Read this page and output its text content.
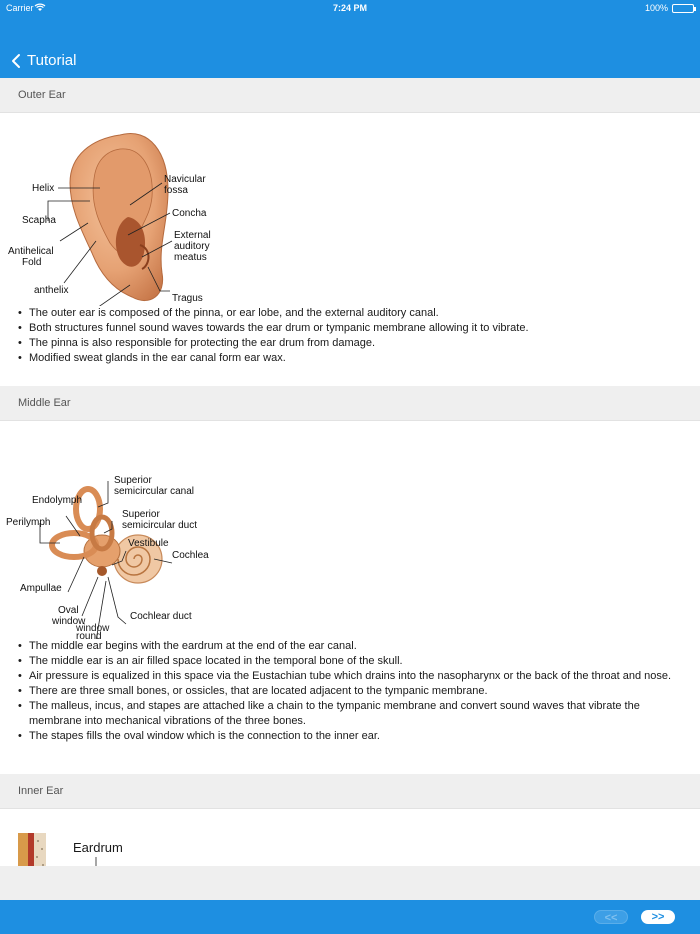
Carrier	7:24 PM	100%
Tutorial
Outer Ear
Helix
Scapha
Antihelical
Fold
anthelix
Navicular
fossa
Concha
External
auditory
meatus
Tragus
• The outer ear is composed of the pinna, or ear lobe, and the external auditory canal.
• Both structures funnel sound waves towards the ear drum or tympanic membrane allowing it to vibrate.
• The pinna is also responsible for protecting the ear drum from damage.
• Modified sweat glands in the ear canal form ear wax.
Middle Ear
Superior
semicircular canal
Endolymph
Superior
semicircular duct
Perilymph
Vestibule
Cochlea
Ampullae
Oval
window	Cochlear duct
round
window
• The middle ear begins with the eardrum at the end of the ear canal.
• The middle ear is an air filled space located in the temporal bone of the skull.
• Air pressure is equalized in this space via the Eustachian tube which drains into the nasopharynx or the back of the throat and nose.
• There are three small bones, or ossicles, that are located adjacent to the tympanic membrane.
• The malleus, incus, and stapes are attached like a chain to the tympanic membrane and convert sound waves that vibrate the membrane into mechanical vibrations of the three bones.
• The stapes fills the oval window which is the connection to the inner ear.
Inner Ear
Eardrum
<<	>>
